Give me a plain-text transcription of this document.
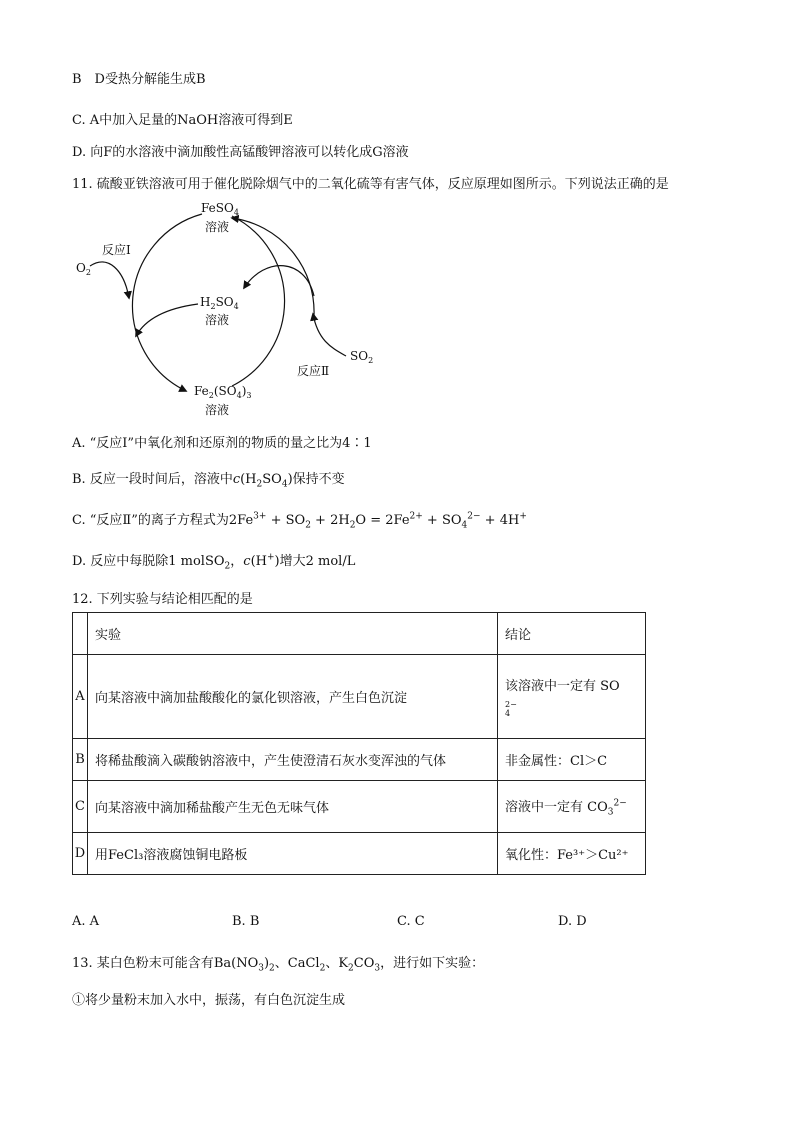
B　D受热分解能生成B
C. A中加入足量的NaOH溶液可得到E
D. 向F的水溶液中滴加酸性高锰酸钾溶液可以转化成G溶液
11. 硫酸亚铁溶液可用于催化脱除烟气中的二氧化硫等有害气体，反应原理如图所示。下列说法正确的是
FeSO$_4$
溶液
$H_2SO_4$
溶液
$Fe_2(SO_4)_3$
溶液
反应Ⅰ
反应Ⅱ
$O_2$
$SO_2$
A. “反应Ⅰ”中氧化剂和还原剂的物质的量之比为4∶1
B. 反应一段时间后，溶液中$c(H_2SO_4)$保持不变
C. “反应Ⅱ”的离子方程式为$2Fe^{3+} + SO_2 + 2H_2O = 2Fe^{2+} + SO_4^{2-} + 4H^+$
D. 反应中每脱除1 molSO$_2$，c(H+)增大2 mol/L
12. 下列实验与结论相匹配的是
	实验	结论
A	向某溶液中滴加盐酸酸化的氯化钡溶液，产生白色沉淀	该溶液中一定有 SO
2−
4

B	将稀盐酸滴入碳酸钠溶液中，产生使澄清石灰水变浑浊的气体	非金属性：Cl＞C
C	向某溶液中滴加稀盐酸产生无色无味气体	溶液中一定有 $CO_3^{2-}$
D	用FeCl₃溶液腐蚀铜电路板	氧化性：Fe³⁺＞Cu²⁺
A. A	B. B	C. C	D. D
13. 某白色粉末可能含有$Ba(NO_3)_2$、CaCl$_2$、$K_2CO_3$，进行如下实验：
①将少量粉末加入水中，振荡，有白色沉淀生成
